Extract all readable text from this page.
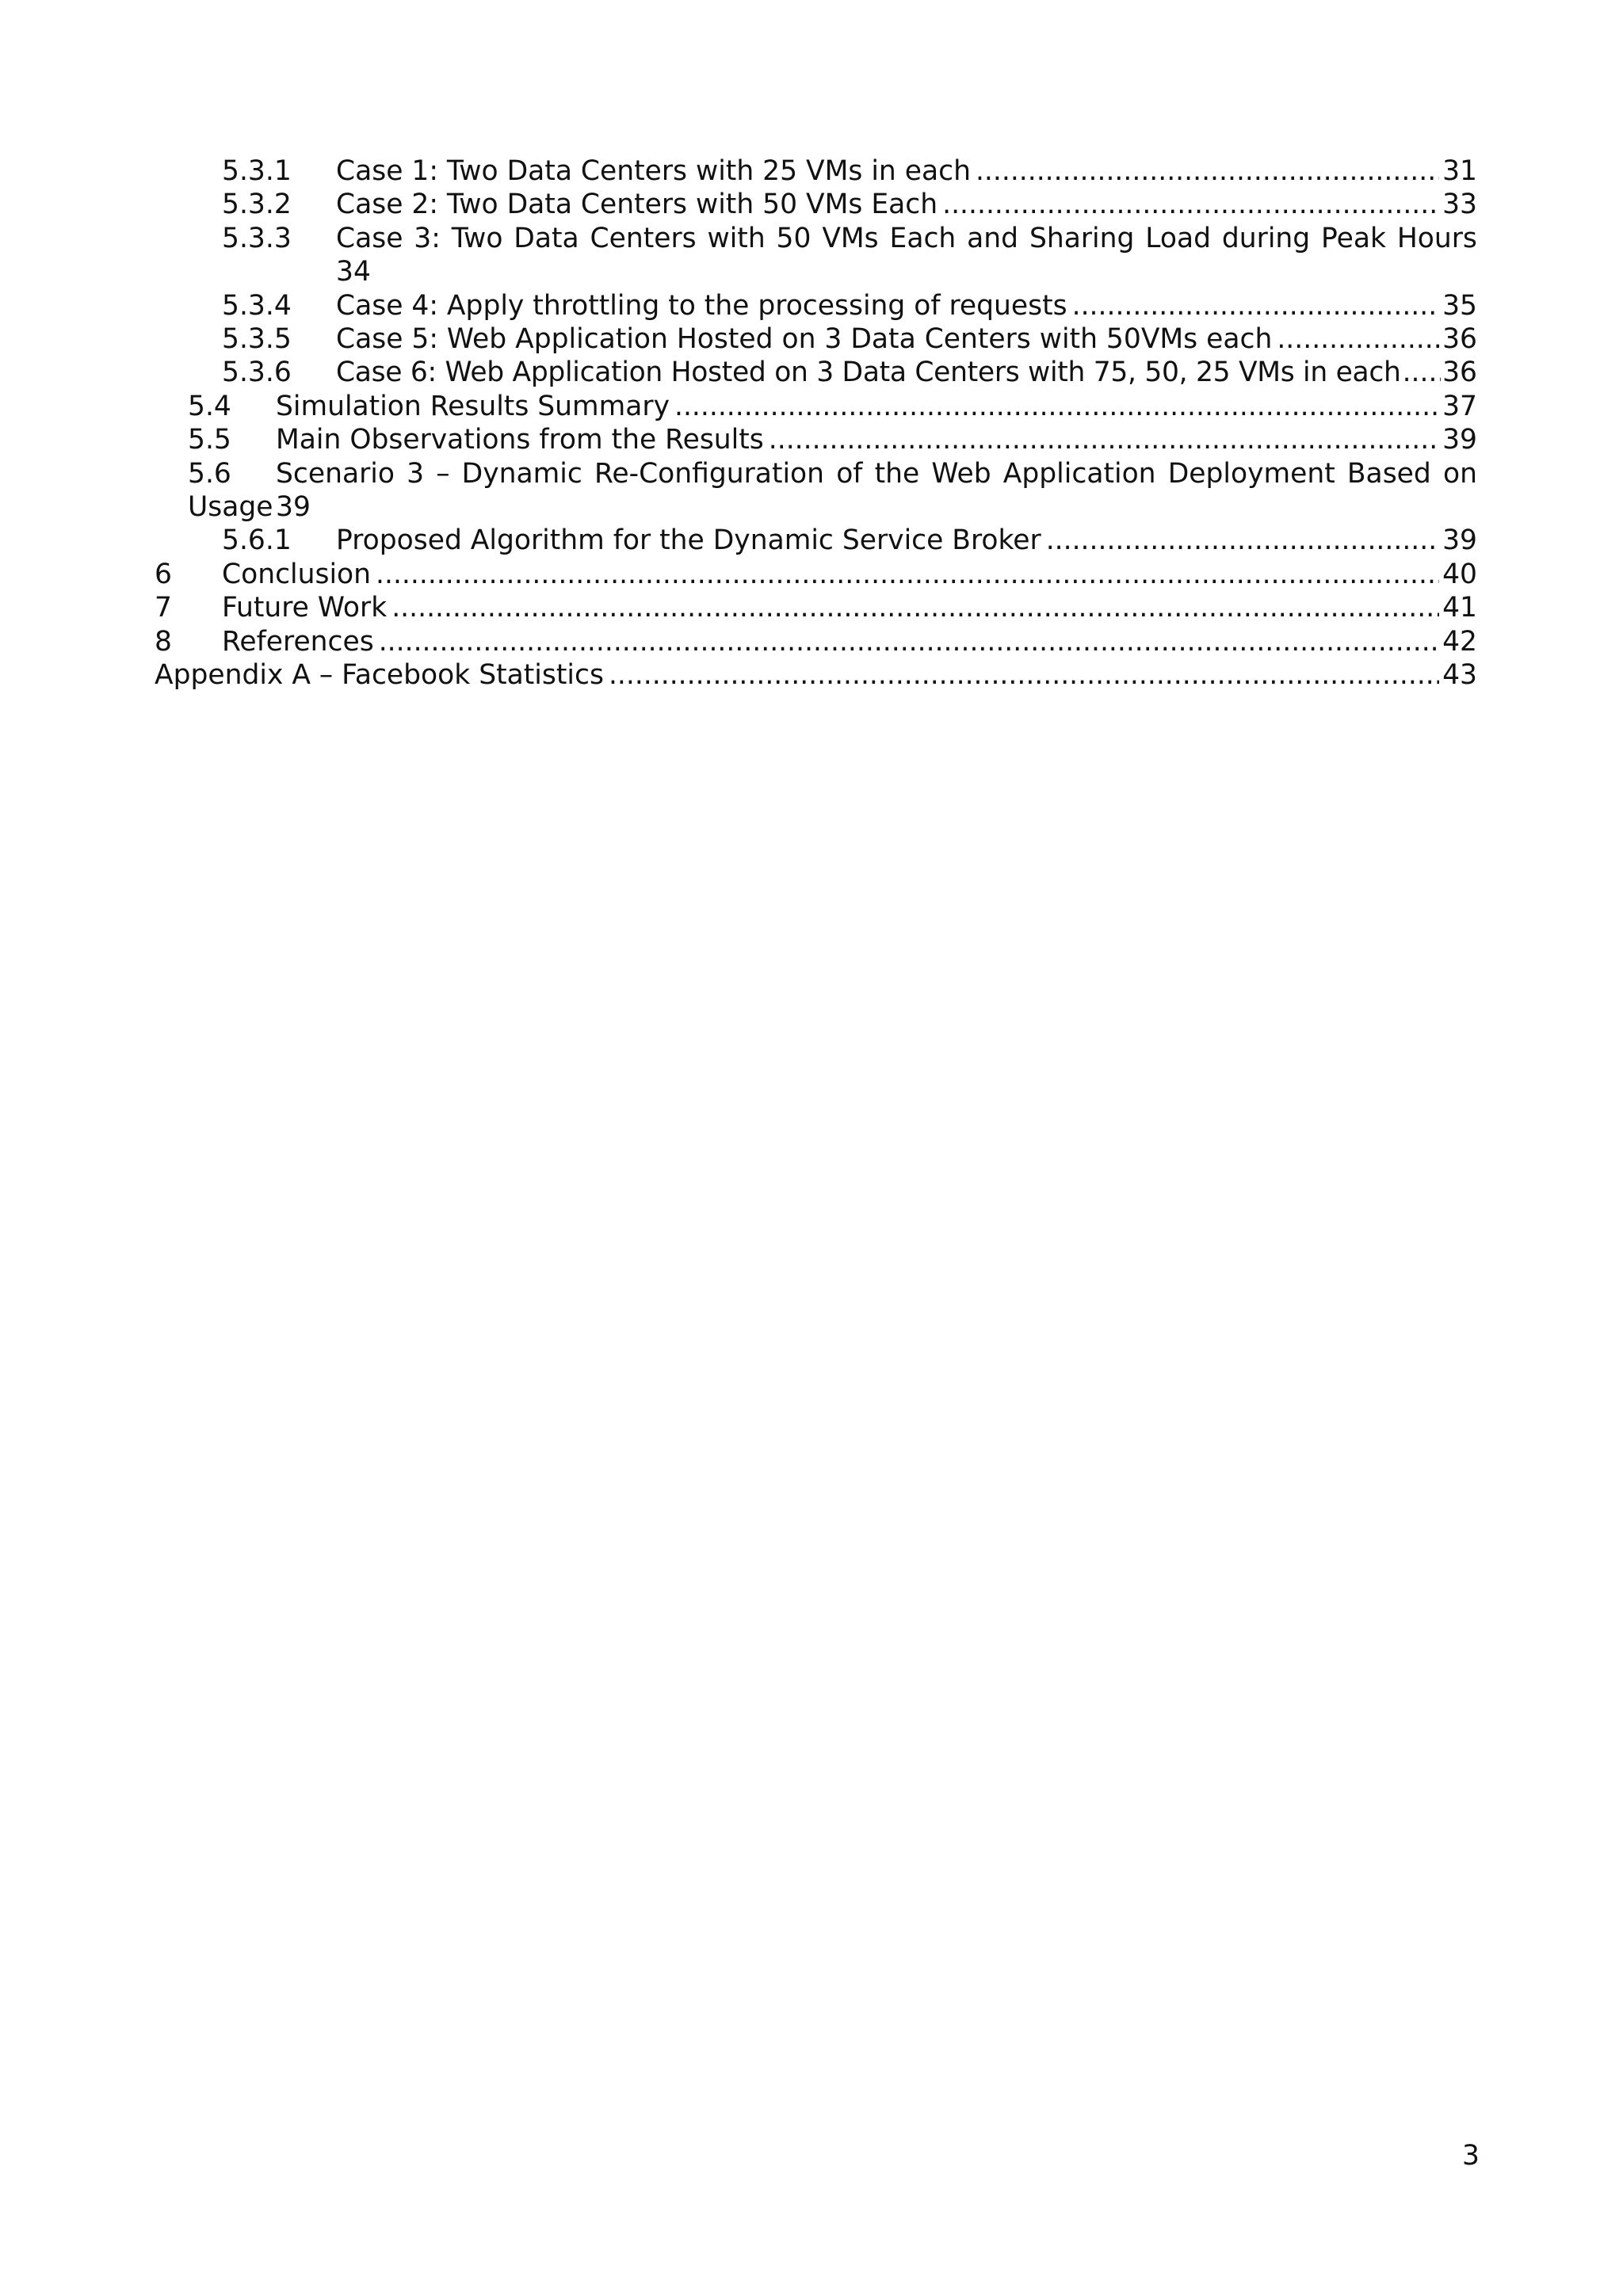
5.3.1 Case 1: Two Data Centers with 25 VMs in each .....	31
5.3.2 Case 2: Two Data Centers with 50 VMs Each .....	33
5.3.3 Case 3: Two Data Centers with 50 VMs Each and Sharing Load during Peak Hours
34
5.3.4 Case 4: Apply throttling to the processing of requests .....	35
5.3.5 Case 5: Web Application Hosted on 3 Data Centers with 50VMs each .....	36
5.3.6 Case 6: Web Application Hosted on 3 Data Centers with 75, 50, 25 VMs in each ..... 36
5.4 Simulation Results Summary .....	37
5.5 Main Observations from the Results .....	39
5.6 Scenario 3 – Dynamic Re-Configuration of the Web Application Deployment Based on
Usage 39
5.6.1 Proposed Algorithm for the Dynamic Service Broker .....	39
6 Conclusion .....	40
7 Future Work .....	41
8 References .....	42
Appendix A – Facebook Statistics .....	43
3
